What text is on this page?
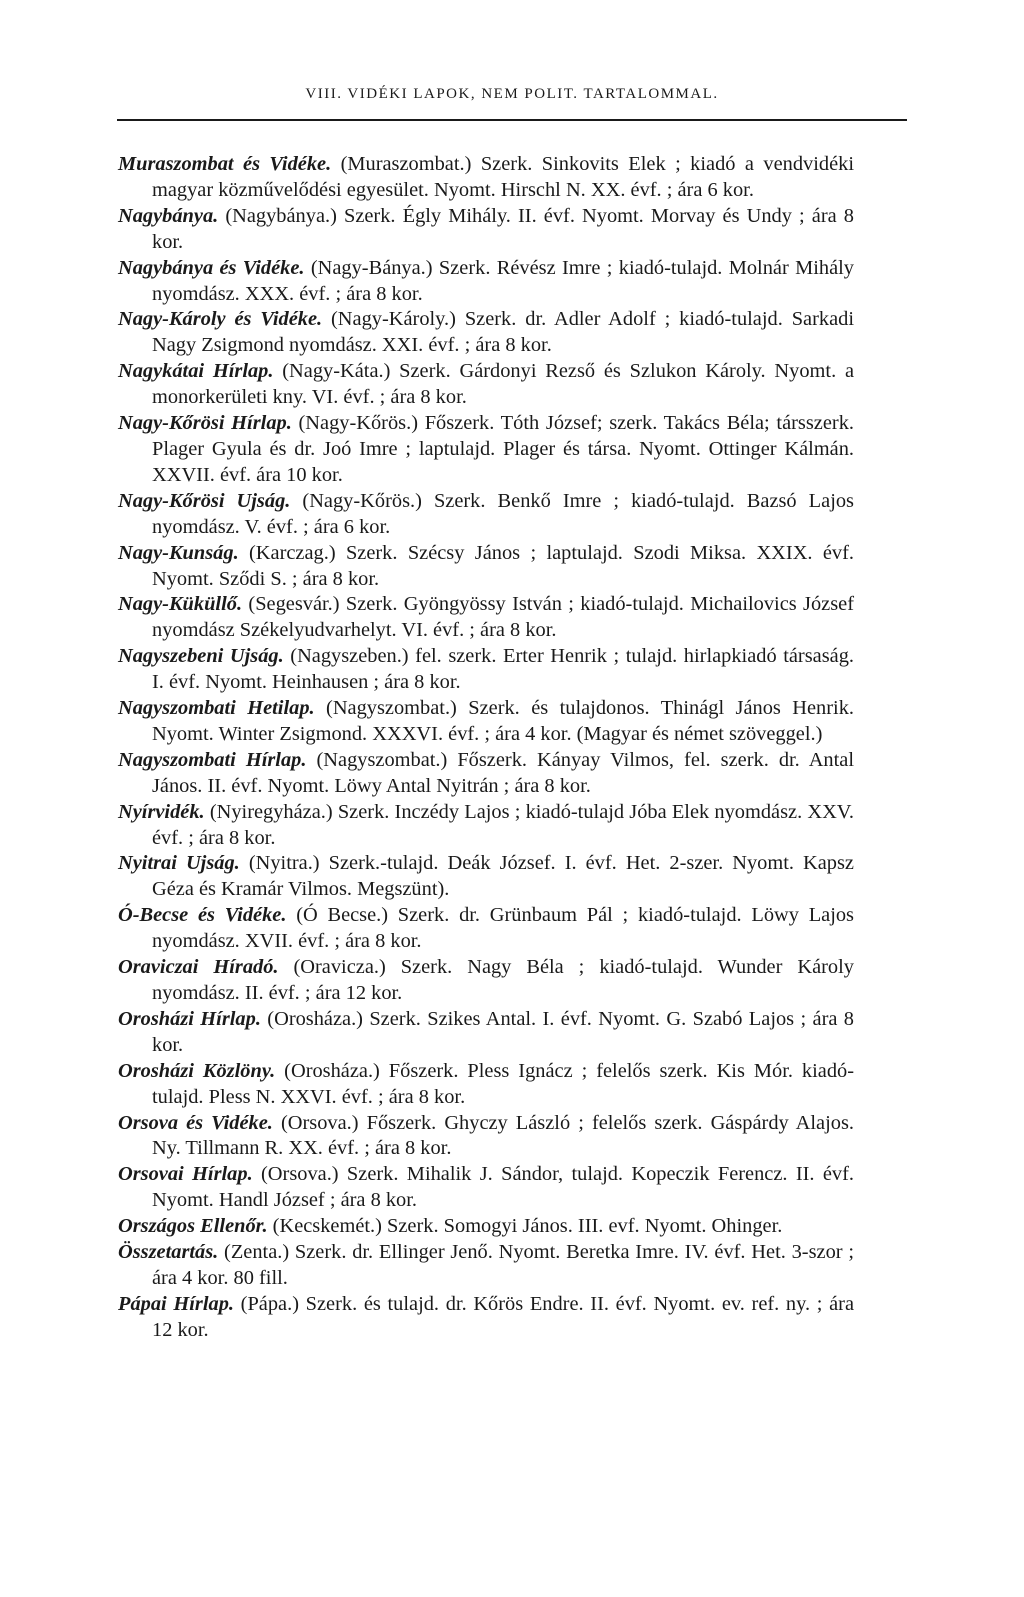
VIII. VIDÉKI LAPOK, NEM POLIT. TARTALOMMAL.

Muraszombat és Vidéke. (Muraszombat.) Szerk. Sinkovits Elek ; kiadó a vendvidéki magyar közművelődési egyesület. Nyomt. Hirschl N. XX. évf. ; ára 6 kor.

Nagybánya. (Nagybánya.) Szerk. Égly Mihály. II. évf. Nyomt. Morvay és Undy ; ára 8 kor.

Nagybánya és Vidéke. (Nagy-Bánya.) Szerk. Révész Imre ; kiadó-tulajd. Molnár Mihály nyomdász. XXX. évf. ; ára 8 kor.

Nagy-Károly és Vidéke. (Nagy-Károly.) Szerk. dr. Adler Adolf ; kiadó-tulajd. Sarkadi Nagy Zsigmond nyomdász. XXI. évf. ; ára 8 kor.

Nagykátai Hírlap. (Nagy-Káta.) Szerk. Gárdonyi Rezső és Szlukon Károly. Nyomt. a monorkerületi kny. VI. évf. ; ára 8 kor.

Nagy-Kőrösi Hírlap. (Nagy-Kőrös.) Főszerk. Tóth József; szerk. Takács Béla; társszerk. Plager Gyula és dr. Joó Imre ; laptulajd. Plager és társa. Nyomt. Ottinger Kálmán. XXVII. évf. ára 10 kor.

Nagy-Kőrösi Ujság. (Nagy-Kőrös.) Szerk. Benkő Imre ; kiadó-tulajd. Bazsó Lajos nyomdász. V. évf. ; ára 6 kor.

Nagy-Kunság. (Karczag.) Szerk. Szécsy János ; laptulajd. Szodi Miksa. XXIX. évf. Nyomt. Sződi S. ; ára 8 kor.

Nagy-Küküllő. (Segesvár.) Szerk. Gyöngyössy István ; kiadó-tulajd. Michailovics József nyomdász Székelyudvarhelyt. VI. évf. ; ára 8 kor.

Nagyszebeni Ujság. (Nagyszeben.) fel. szerk. Erter Henrik ; tulajd. hirlapkiadó társaság. I. évf. Nyomt. Heinhausen ; ára 8 kor.

Nagyszombati Hetilap. (Nagyszombat.) Szerk. és tulajdonos. Thinágl János Henrik. Nyomt. Winter Zsigmond. XXXVI. évf. ; ára 4 kor. (Magyar és német szöveggel.)

Nagyszombati Hírlap. (Nagyszombat.) Főszerk. Kányay Vilmos, fel. szerk. dr. Antal János. II. évf. Nyomt. Löwy Antal Nyitrán ; ára 8 kor.

Nyírvidék. (Nyiregyháza.) Szerk. Inczédy Lajos ; kiadó-tulajd Jóba Elek nyomdász. XXV. évf. ; ára 8 kor.

Nyitrai Ujság. (Nyitra.) Szerk.-tulajd. Deák József. I. évf. Het. 2-szer. Nyomt. Kapsz Géza és Kramár Vilmos. Megszünt).

Ó-Becse és Vidéke. (Ó Becse.) Szerk. dr. Grünbaum Pál ; kiadó-tulajd. Löwy Lajos nyomdász. XVII. évf. ; ára 8 kor.

Oraviczai Híradó. (Oravicza.) Szerk. Nagy Béla ; kiadó-tulajd. Wunder Károly nyomdász. II. évf. ; ára 12 kor.

Orosházi Hírlap. (Orosháza.) Szerk. Szikes Antal. I. évf. Nyomt. G. Szabó Lajos ; ára 8 kor.

Orosházi Közlöny. (Orosháza.) Főszerk. Pless Ignácz ; felelős szerk. Kis Mór. kiadó-tulajd. Pless N. XXVI. évf. ; ára 8 kor.

Orsova és Vidéke. (Orsova.) Főszerk. Ghyczy László ; felelős szerk. Gáspárdy Alajos. Ny. Tillmann R. XX. évf. ; ára 8 kor.

Orsovai Hírlap. (Orsova.) Szerk. Mihalik J. Sándor, tulajd. Kopeczik Ferencz. II. évf. Nyomt. Handl József ; ára 8 kor.

Országos Ellenőr. (Kecskemét.) Szerk. Somogyi János. III. evf. Nyomt. Ohinger.

Összetartás. (Zenta.) Szerk. dr. Ellinger Jenő. Nyomt. Beretka Imre. IV. évf. Het. 3-szor ; ára 4 kor. 80 fill.

Pápai Hírlap. (Pápa.) Szerk. és tulajd. dr. Kőrös Endre. II. évf. Nyomt. ev. ref. ny. ; ára 12 kor.
